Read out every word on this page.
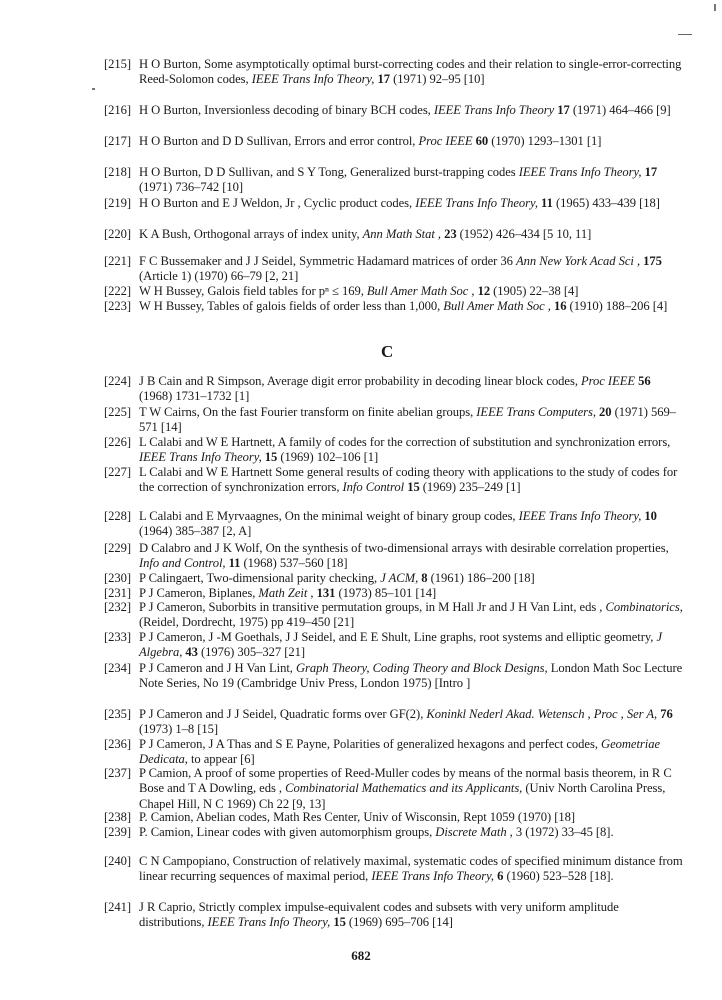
[215] H O Burton, Some asymptotically optimal burst-correcting codes and their relation to single-error-correcting Reed-Solomon codes, IEEE Trans Info Theory, 17 (1971) 92–95 [10]
[216] H O Burton, Inversionless decoding of binary BCH codes, IEEE Trans Info Theory 17 (1971) 464–466 [9]
[217] H O Burton and D D Sullivan, Errors and error control, Proc IEEE 60 (1970) 1293–1301 [1]
[218] H O Burton, D D Sullivan, and S Y Tong, Generalized burst-trapping codes IEEE Trans Info Theory, 17 (1971) 736–742 [10]
[219] H O Burton and E J Weldon, Jr , Cyclic product codes, IEEE Trans Info Theory, 11 (1965) 433–439 [18]
[220] K A Bush, Orthogonal arrays of index unity, Ann Math Stat , 23 (1952) 426–434 [5 10, 11]
[221] F C Bussemaker and J J Seidel, Symmetric Hadamard matrices of order 36 Ann New York Acad Sci , 175 (Article 1) (1970) 66–79 [2, 21]
[222] W H Bussey, Galois field tables for pⁿ ≤ 169, Bull Amer Math Soc , 12 (1905) 22–38 [4]
[223] W H Bussey, Tables of galois fields of order less than 1,000, Bull Amer Math Soc , 16 (1910) 188–206 [4]
C
[224] J B Cain and R Simpson, Average digit error probability in decoding linear block codes, Proc IEEE 56 (1968) 1731–1732 [1]
[225] T W Cairns, On the fast Fourier transform on finite abelian groups, IEEE Trans Computers, 20 (1971) 569–571 [14]
[226] L Calabi and W E Hartnett, A family of codes for the correction of substitution and synchronization errors, IEEE Trans Info Theory, 15 (1969) 102–106 [1]
[227] L Calabi and W E Hartnett Some general results of coding theory with applications to the study of codes for the correction of synchronization errors, Info Control 15 (1969) 235–249 [1]
[228] L Calabi and E Myrvaagnes, On the minimal weight of binary group codes, IEEE Trans Info Theory, 10 (1964) 385–387 [2, A]
[229] D Calabro and J K Wolf, On the synthesis of two-dimensional arrays with desirable correlation properties, Info and Control, 11 (1968) 537–560 [18]
[230] P Calingaert, Two-dimensional parity checking, J ACM, 8 (1961) 186–200 [18]
[231] P J Cameron, Biplanes, Math Zeit , 131 (1973) 85–101 [14]
[232] P J Cameron, Suborbits in transitive permutation groups, in M Hall Jr and J H Van Lint, eds , Combinatorics, (Reidel, Dordrecht, 1975) pp 419–450 [21]
[233] P J Cameron, J -M Goethals, J J Seidel, and E E Shult, Line graphs, root systems and elliptic geometry, J Algebra, 43 (1976) 305–327 [21]
[234] P J Cameron and J H Van Lint, Graph Theory, Coding Theory and Block Designs, London Math Soc Lecture Note Series, No 19 (Cambridge Univ Press, London 1975) [Intro ]
[235] P J Cameron and J J Seidel, Quadratic forms over GF(2), Koninkl Nederl Akad. Wetensch , Proc , Ser A, 76 (1973) 1–8 [15]
[236] P J Cameron, J A Thas and S E Payne, Polarities of generalized hexagons and perfect codes, Geometriae Dedicata, to appear [6]
[237] P Camion, A proof of some properties of Reed-Muller codes by means of the normal basis theorem, in R C Bose and T A Dowling, eds , Combinatorial Mathematics and its Applicants, (Univ North Carolina Press, Chapel Hill, N C 1969) Ch 22 [9, 13]
[238] P. Camion, Abelian codes, Math Res Center, Univ of Wisconsin, Rept 1059 (1970) [18]
[239] P. Camion, Linear codes with given automorphism groups, Discrete Math , 3 (1972) 33–45 [8].
[240] C N Campopiano, Construction of relatively maximal, systematic codes of specified minimum distance from linear recurring sequences of maximal period, IEEE Trans Info Theory, 6 (1960) 523–528 [18].
[241] J R Caprio, Strictly complex impulse-equivalent codes and subsets with very uniform amplitude distributions, IEEE Trans Info Theory, 15 (1969) 695–706 [14]
682
